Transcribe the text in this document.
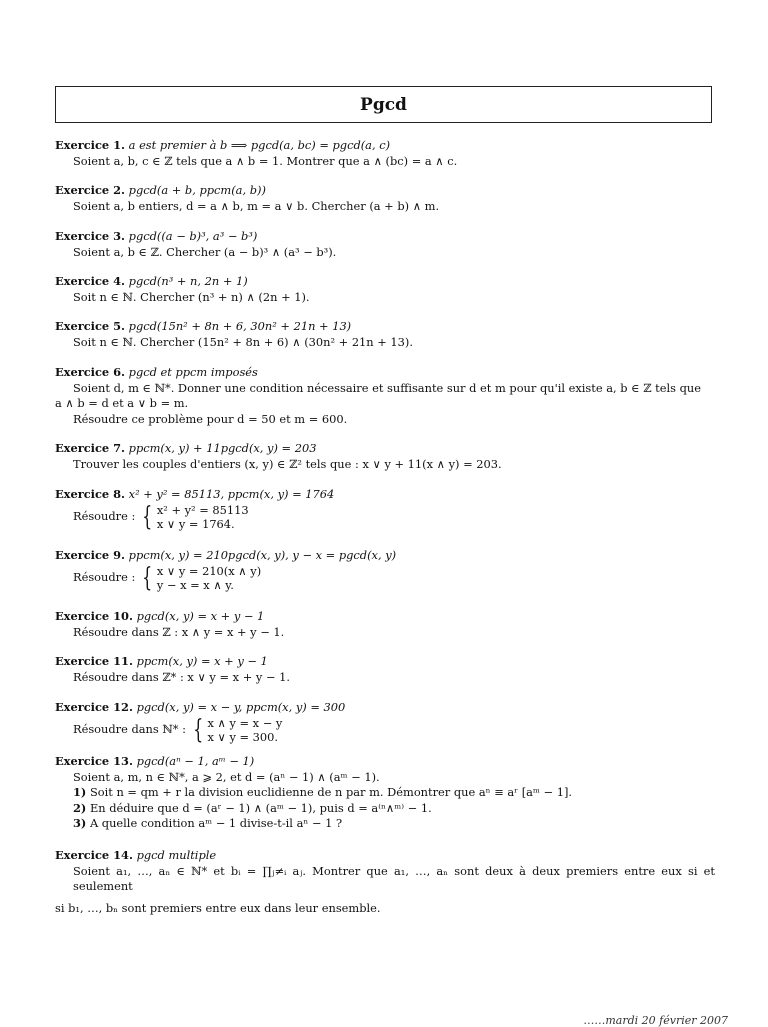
Pgcd
Exercice 1. a est premier à b ⟹ pgcd(a, bc) = pgcd(a, c)
Soient a, b, c ∈ ℤ tels que a ∧ b = 1. Montrer que a ∧ (bc) = a ∧ c.
Exercice 2. pgcd(a + b, ppcm(a, b))
Soient a, b entiers, d = a ∧ b, m = a ∨ b. Chercher (a + b) ∧ m.
Exercice 3. pgcd((a − b)³, a³ − b³)
Soient a, b ∈ ℤ. Chercher (a − b)³ ∧ (a³ − b³).
Exercice 4. pgcd(n³ + n, 2n + 1)
Soit n ∈ ℕ. Chercher (n³ + n) ∧ (2n + 1).
Exercice 5. pgcd(15n² + 8n + 6, 30n² + 21n + 13)
Soit n ∈ ℕ. Chercher (15n² + 8n + 6) ∧ (30n² + 21n + 13).
Exercice 6. pgcd et ppcm imposés
Soient d, m ∈ ℕ*. Donner une condition nécessaire et suffisante sur d et m pour qu'il existe a, b ∈ ℤ tels que
a ∧ b = d et a ∨ b = m.
Résoudre ce problème pour d = 50 et m = 600.
Exercice 7. ppcm(x, y) + 11pgcd(x, y) = 203
Trouver les couples d'entiers (x, y) ∈ ℤ² tels que : x ∨ y + 11(x ∧ y) = 203.
Exercice 8. x² + y² = 85113, ppcm(x, y) = 1764
Résoudre : { x² + y² = 85113
x ∨ y = 1764.
Exercice 9. ppcm(x, y) = 210pgcd(x, y), y − x = pgcd(x, y)
Résoudre : { x ∨ y = 210(x ∧ y)
y − x = x ∧ y.
Exercice 10. pgcd(x, y) = x + y − 1
Résoudre dans ℤ : x ∧ y = x + y − 1.
Exercice 11. ppcm(x, y) = x + y − 1
Résoudre dans ℤ* : x ∨ y = x + y − 1.
Exercice 12. pgcd(x, y) = x − y, ppcm(x, y) = 300
Résoudre dans ℕ* : { x ∧ y = x − y
x ∨ y = 300.
Exercice 13. pgcd(aⁿ − 1, aᵐ − 1)
Soient a, m, n ∈ ℕ*, a ⩾ 2, et d = (aⁿ − 1) ∧ (aᵐ − 1).
1) Soit n = qm + r la division euclidienne de n par m. Démontrer que aⁿ ≡ aʳ [aᵐ − 1].
2) En déduire que d = (aʳ − 1) ∧ (aᵐ − 1), puis d = a⁽ⁿ∧ᵐ⁾ − 1.
3) A quelle condition aᵐ − 1 divise-t-il aⁿ − 1 ?
Exercice 14. pgcd multiple
Soient a₁, …, aₙ ∈ ℕ* et bᵢ = ∏ⱼ≠ᵢ aⱼ. Montrer que a₁, …, aₙ sont deux à deux premiers entre eux si et seulement
si b₁, …, bₙ sont premiers entre eux dans leur ensemble.
……mardi 20 février 2007
